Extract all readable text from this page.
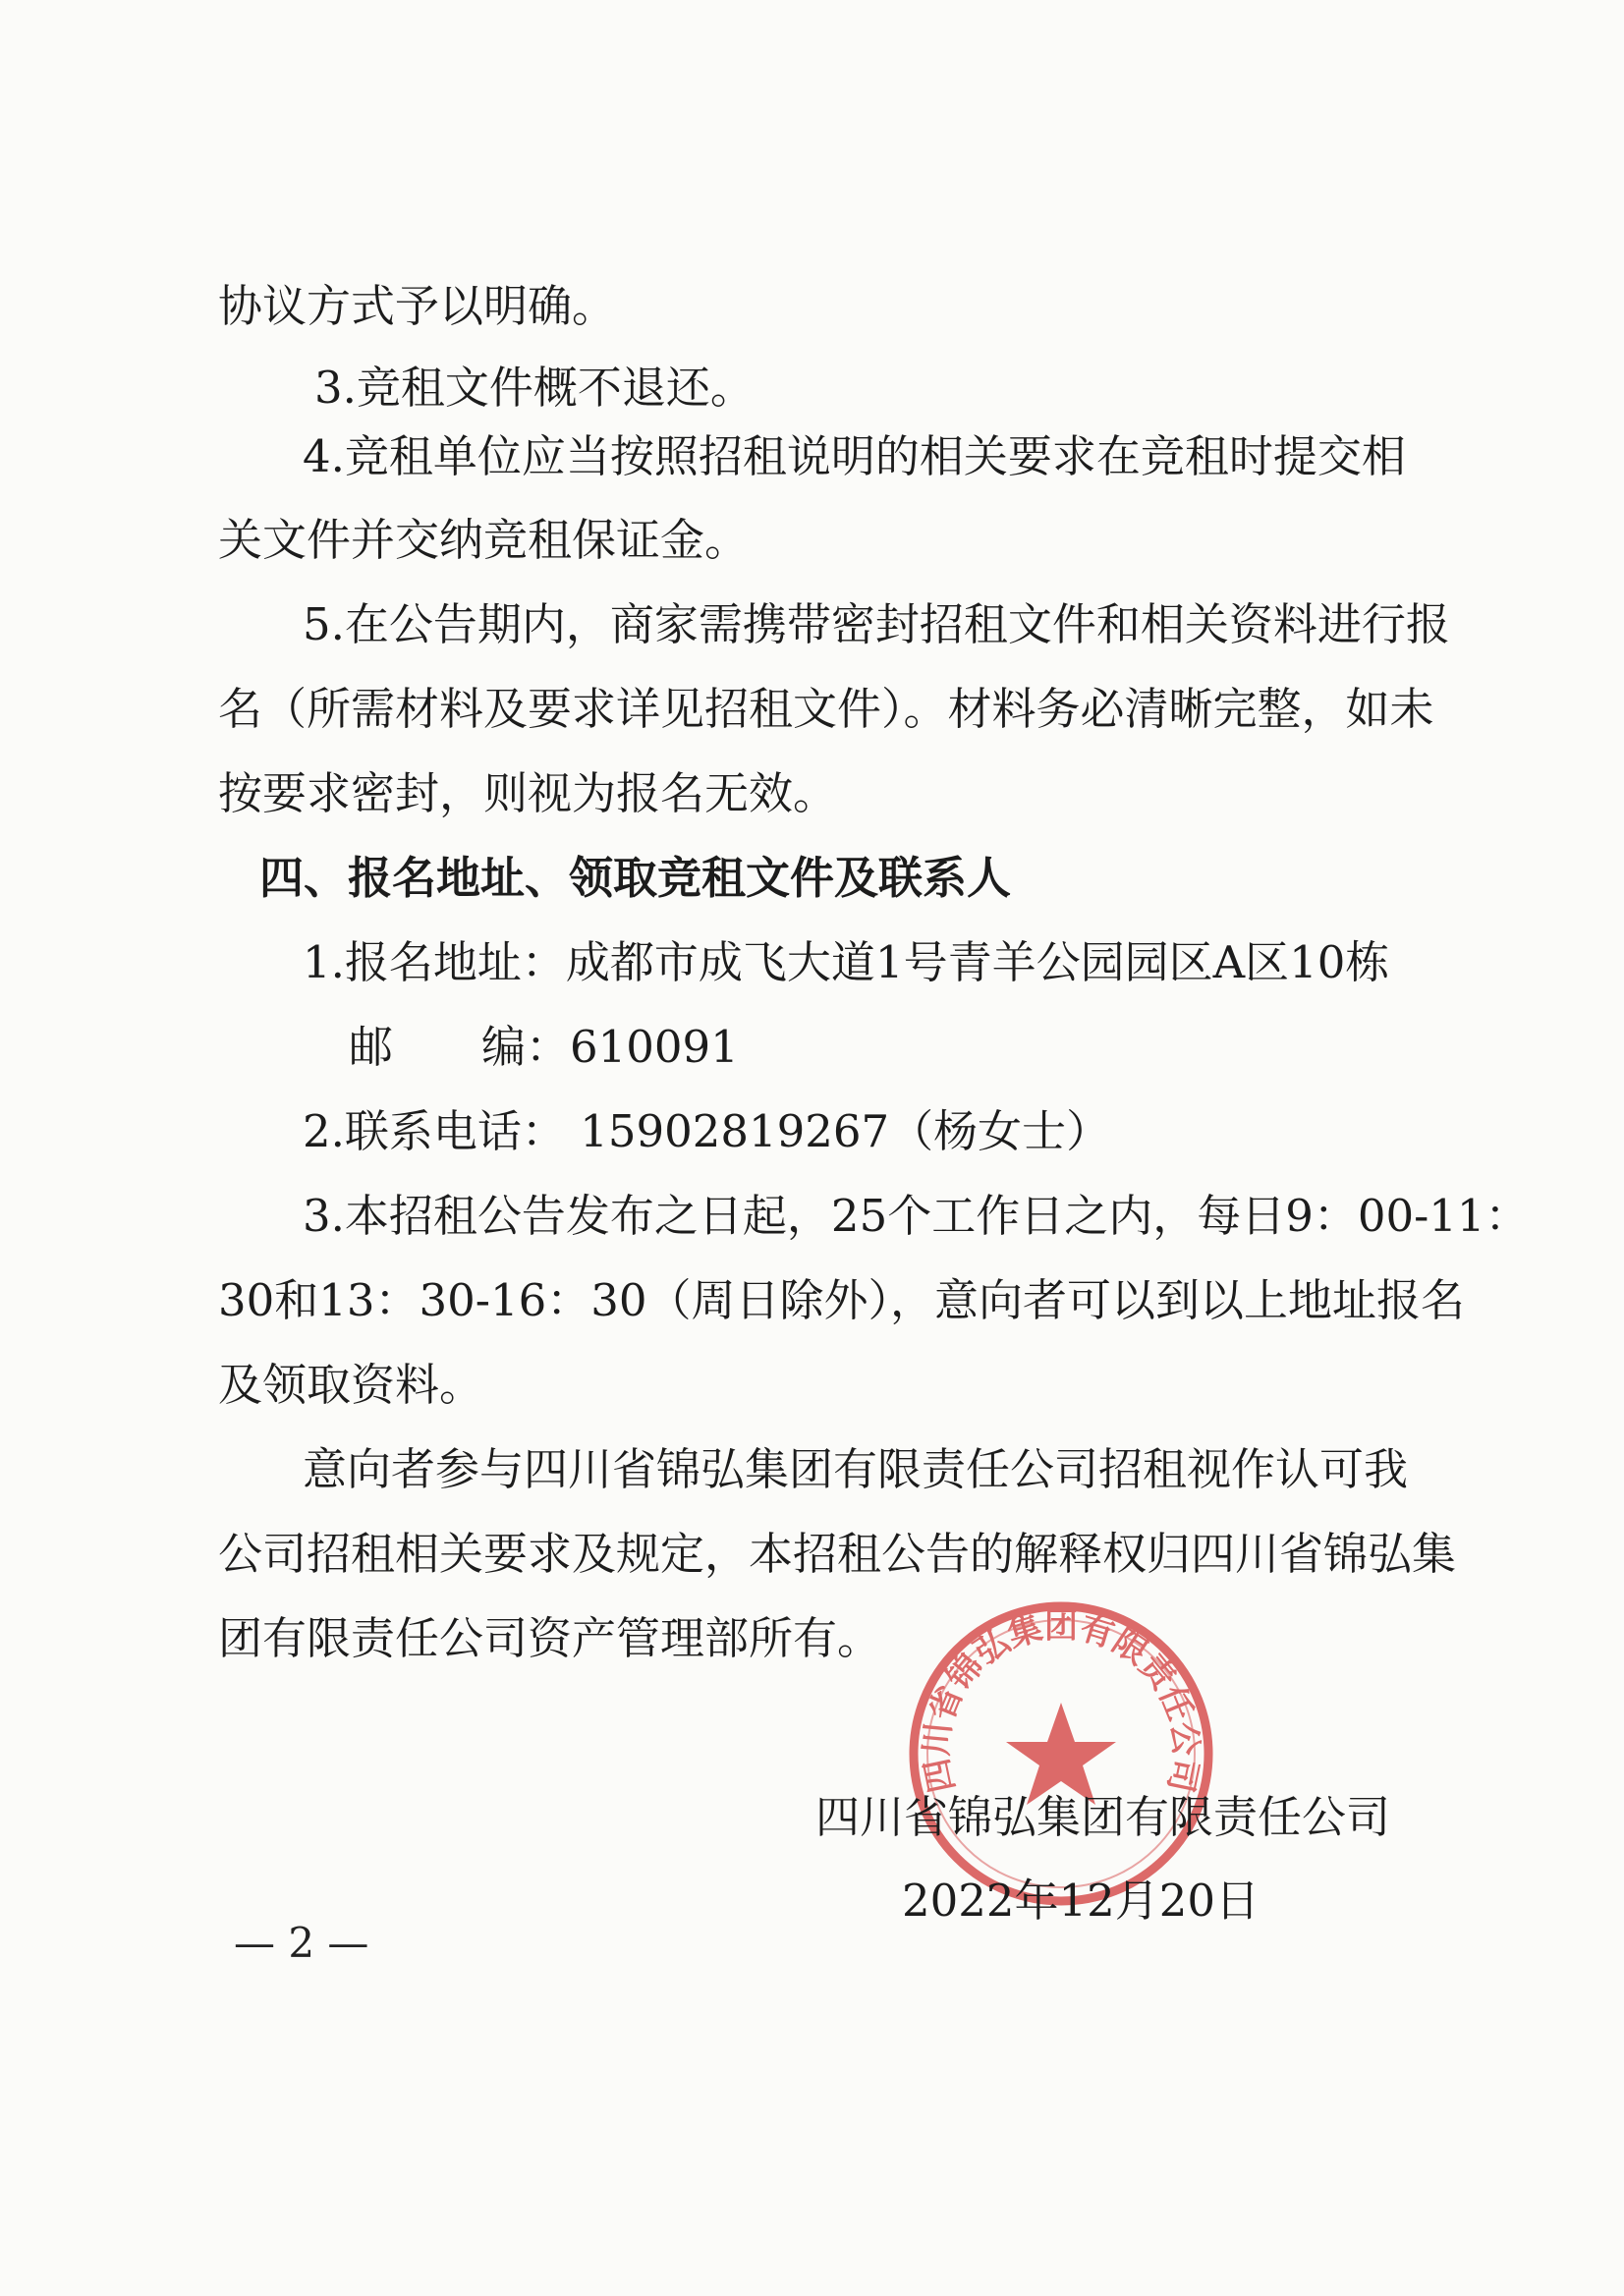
协议方式予以明确。
3.竞租文件概不退还。
4.竞租单位应当按照招租说明的相关要求在竞租时提交相
关文件并交纳竞租保证金。
5.在公告期内，商家需携带密封招租文件和相关资料进行报
名（所需材料及要求详见招租文件）。材料务必清晰完整，如未
按要求密封，则视为报名无效。
四、报名地址、领取竞租文件及联系人
1.报名地址：成都市成飞大道1号青羊公园园区A区10栋
邮　　编：610091
2.联系电话： 15902819267（杨女士）
3.本招租公告发布之日起，25个工作日之内，每日9：00-11：
30和13：30-16：30（周日除外），意向者可以到以上地址报名
及领取资料。
意向者参与四川省锦弘集团有限责任公司招租视作认可我
公司招租相关要求及规定，本招租公告的解释权归四川省锦弘集
团有限责任公司资产管理部所有。
四川省锦弘集团有限责任公司
四川省锦弘集团有限责任公司
2022年12月20日
— 2 —
